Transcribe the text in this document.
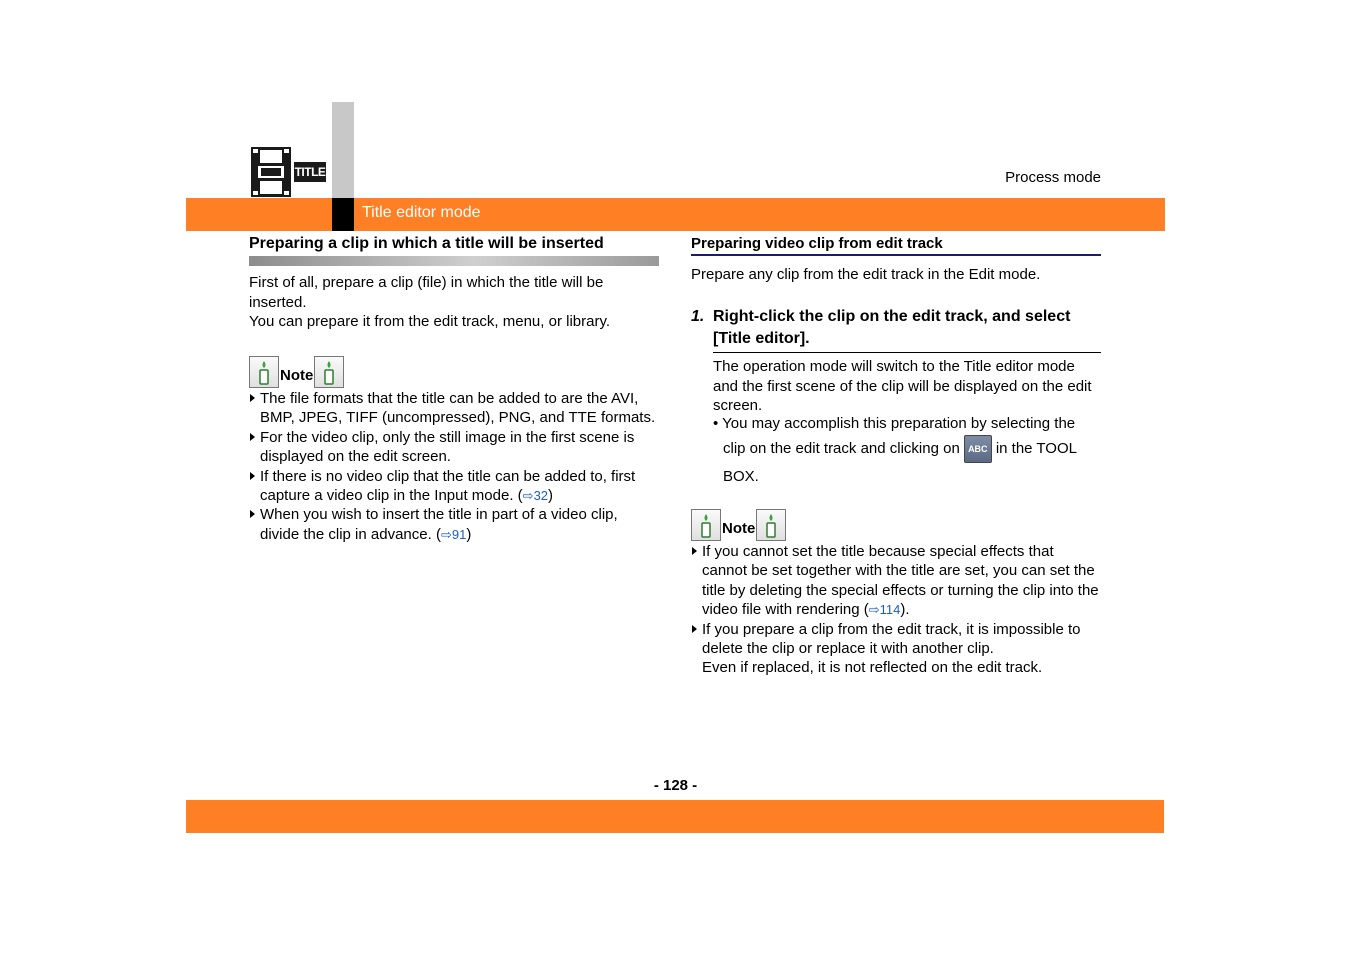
TITLE	Process mode
Title editor mode
Preparing a clip in which a title will be inserted
First of all, prepare a clip (file) in which the title will be inserted.
You can prepare it from the edit track, menu, or library.
Note
The file formats that the title can be added to are the AVI, BMP, JPEG, TIFF (uncompressed), PNG, and TTE formats.
For the video clip, only the still image in the first scene is displayed on the edit screen.
If there is no video clip that the title can be added to, first capture a video clip in the Input mode. (⇨32)
When you wish to insert the title in part of a video clip, divide the clip in advance. (⇨91)
Preparing video clip from edit track
Prepare any clip from the edit track in the Edit mode.
1. Right-click the clip on the edit track, and select [Title editor].
The operation mode will switch to the Title editor mode and the first scene of the clip will be displayed on the edit screen.
• You may accomplish this preparation by selecting the
clip on the edit track and clicking on ABC in the TOOL BOX.
Note
If you cannot set the title because special effects that cannot be set together with the title are set, you can set the title by deleting the special effects or turning the clip into the video file with rendering (⇨114).
If you prepare a clip from the edit track, it is impossible to delete the clip or replace it with another clip.
Even if replaced, it is not reflected on the edit track.
- 128 -
